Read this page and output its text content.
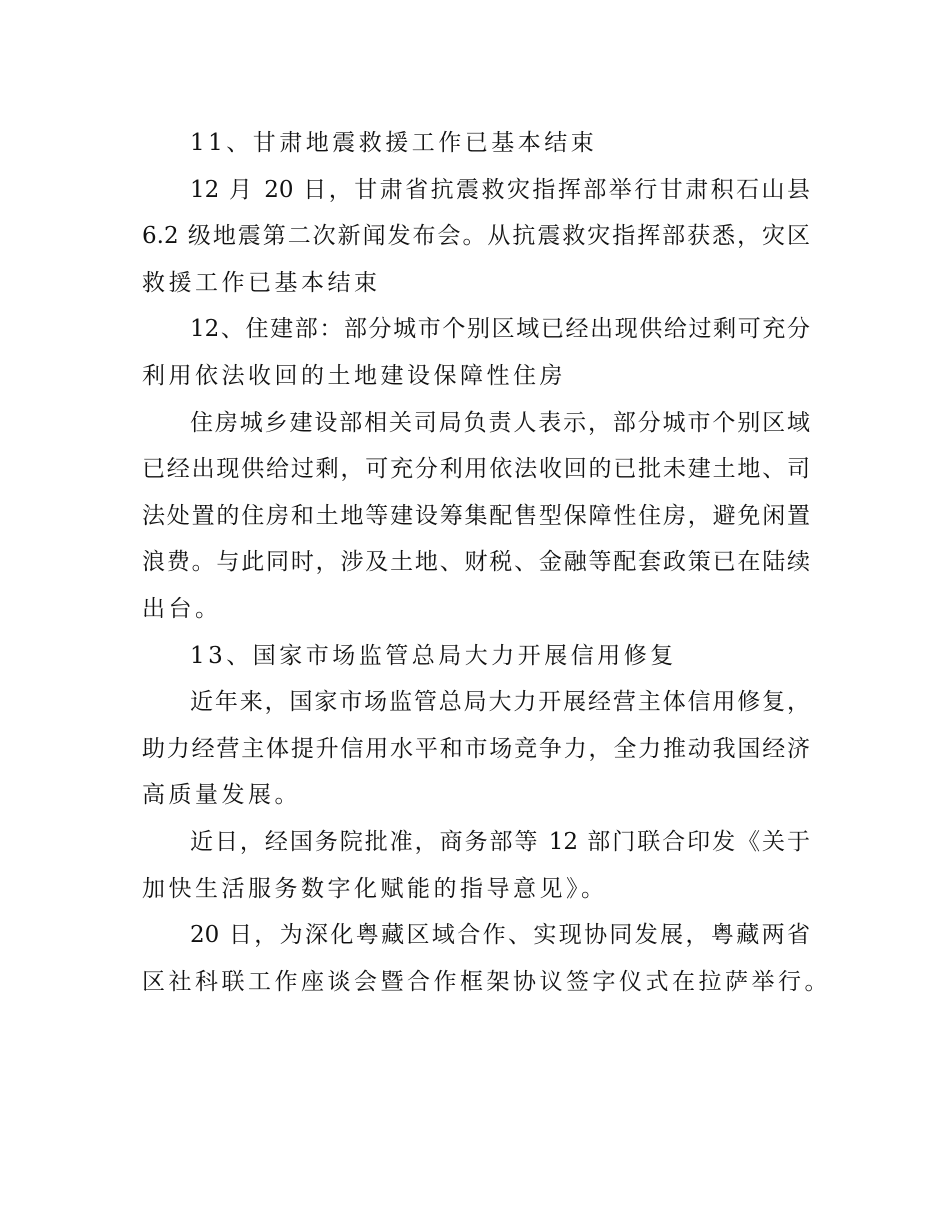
11、甘肃地震救援工作已基本结束
12 月 20 日，甘肃省抗震救灾指挥部举行甘肃积石山县
6.2 级地震第二次新闻发布会。从抗震救灾指挥部获悉，灾区
救援工作已基本结束
12、住建部：部分城市个别区域已经出现供给过剩可充分
利用依法收回的土地建设保障性住房
住房城乡建设部相关司局负责人表示，部分城市个别区域
已经出现供给过剩，可充分利用依法收回的已批未建土地、司
法处置的住房和土地等建设筹集配售型保障性住房，避免闲置
浪费。与此同时，涉及土地、财税、金融等配套政策已在陆续
出台。
13、国家市场监管总局大力开展信用修复
近年来，国家市场监管总局大力开展经营主体信用修复，
助力经营主体提升信用水平和市场竞争力，全力推动我国经济
高质量发展。
近日，经国务院批准，商务部等 12 部门联合印发《关于
加快生活服务数字化赋能的指导意见》。
20 日，为深化粤藏区域合作、实现协同发展，粤藏两省
区社科联工作座谈会暨合作框架协议签字仪式在拉萨举行。
